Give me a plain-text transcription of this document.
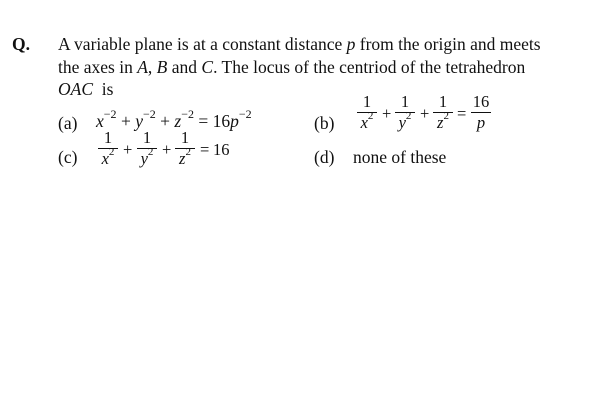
Q. A variable plane is at a constant distance p from the origin and meets
the axes in A, B and C. The locus of the centriod of the tetrahedron
OAC  is
(a) $x^{-2} + y^{-2} + z^{-2} = 16p^{-2}$	(b)
1
$x^2$ +
1
$y^2$ +
1
$z^2$ =
16
p
(c)
1
$x^2$ +
1
$y^2$ +
1
$z^2 = 16$	(d) none of these
